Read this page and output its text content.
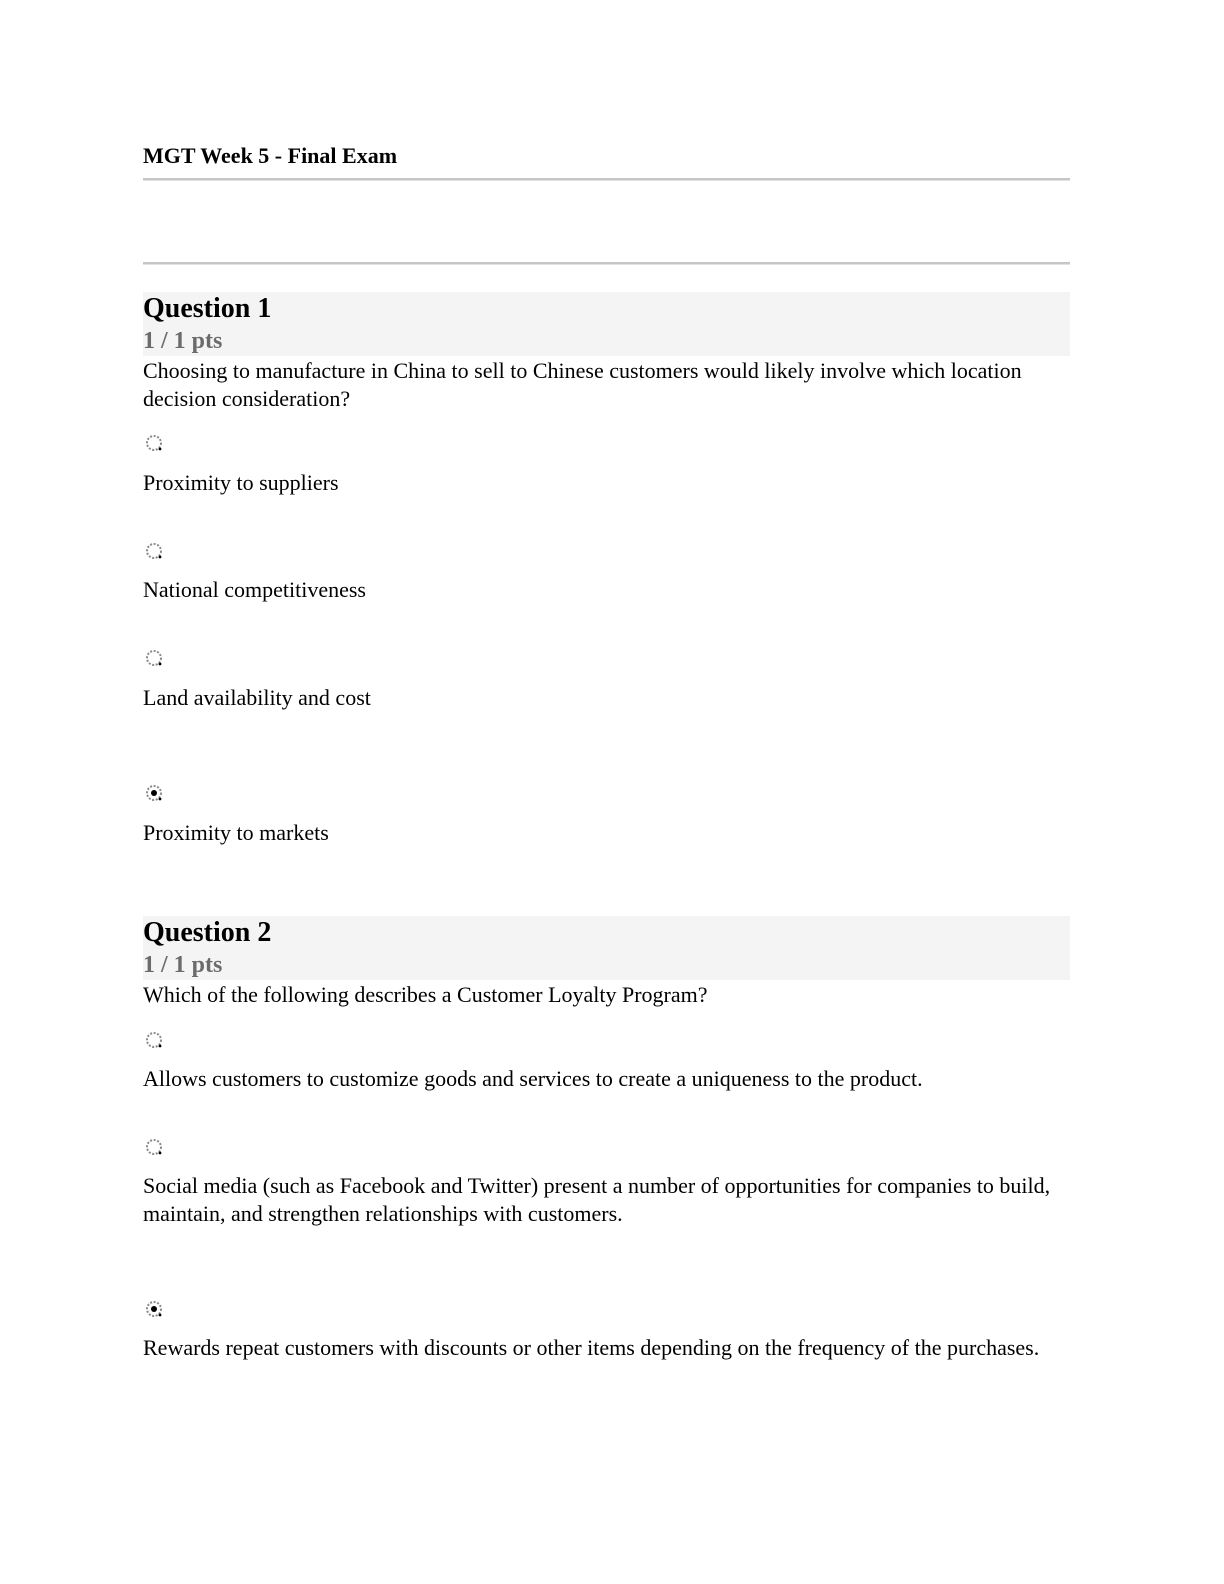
MGT Week 5 - Final Exam
Question 1
1 / 1 pts
Choosing to manufacture in China to sell to Chinese customers would likely involve which location decision consideration?
Proximity to suppliers
National competitiveness
Land availability and cost
Proximity to markets
Question 2
1 / 1 pts
Which of the following describes a Customer Loyalty Program?
Allows customers to customize goods and services to create a uniqueness to the product.
Social media (such as Facebook and Twitter) present a number of opportunities for companies to build, maintain, and strengthen relationships with customers.
Rewards repeat customers with discounts or other items depending on the frequency of the purchases.
